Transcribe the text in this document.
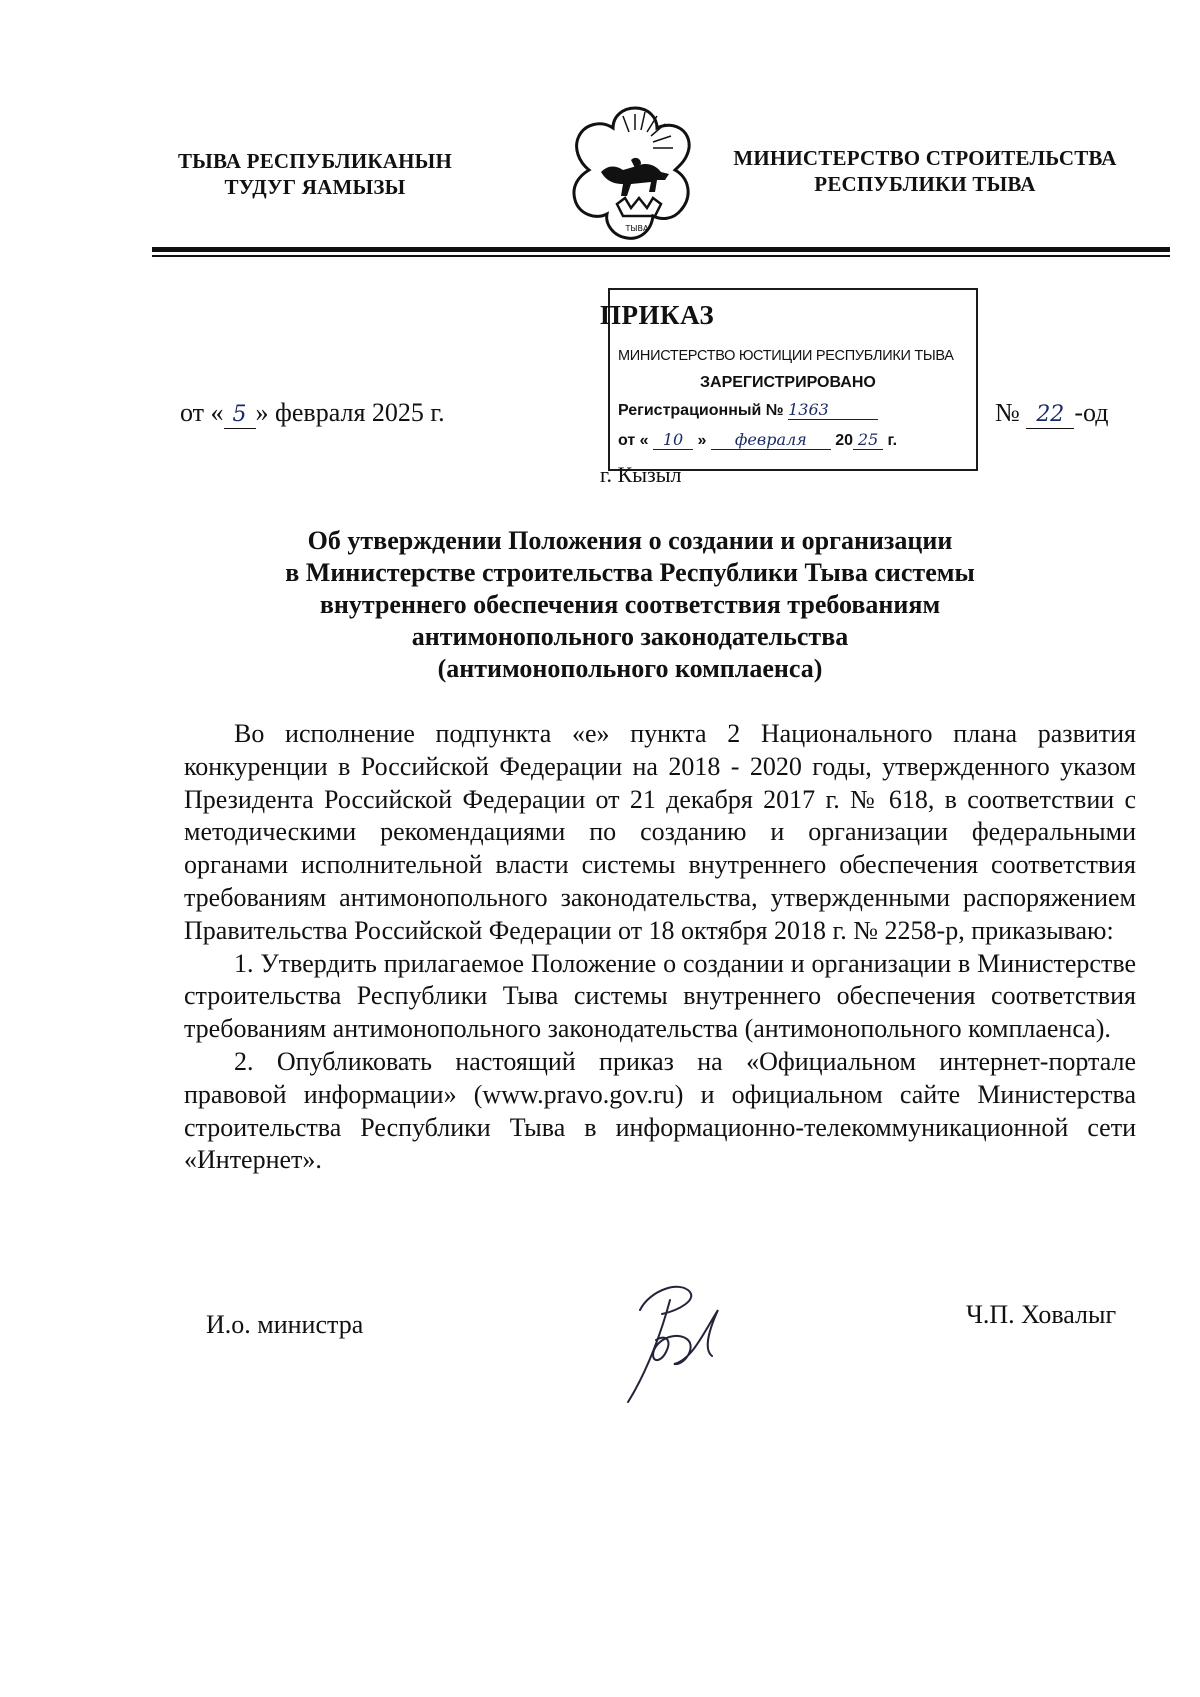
ТЫВА РЕСПУБЛИКАНЫН
ТУДУГ ЯАМЫЗЫ
ТЫВА
МИНИСТЕРСТВО СТРОИТЕЛЬСТВА
РЕСПУБЛИКИ ТЫВА
МИНИСТЕРСТВО ЮСТИЦИИ РЕСПУБЛИКИ ТЫВА
ЗАРЕГИСТРИРОВАНО
Регистрационный № 1363
от « 10 » февраля 20 25 г.
ПРИКАЗ
от « 5 » февраля 2025 г.	№ 22 -од
г. Кызыл
Об утверждении Положения о создании и организации
в Министерстве строительства Республики Тыва системы
внутреннего обеспечения соответствия требованиям
антимонопольного законодательства
(антимонопольного комплаенса)

Во исполнение подпункта «е» пункта 2 Национального плана развития конкуренции в Российской Федерации на 2018 - 2020 годы, утвержденного указом Президента Российской Федерации от 21 декабря 2017 г. № 618, в соответствии с методическими рекомендациями по созданию и организации федеральными органами исполнительной власти системы внутреннего обеспечения соответствия требованиям антимонопольного законодательства, утвержденными распоряжением Правительства Российской Федерации от 18 октября 2018 г. № 2258-р, приказываю:

1. Утвердить прилагаемое Положение о создании и организации в Министерстве строительства Республики Тыва системы внутреннего обеспечения соответствия требованиям антимонопольного законодательства (антимонопольного комплаенса).

2. Опубликовать настоящий приказ на «Официальном интернет-портале правовой информации» (www.pravo.gov.ru) и официальном сайте Министерства строительства Республики Тыва в информационно-телекоммуникационной сети «Интернет».

И.о. министра	Ч.П. Ховалыг
